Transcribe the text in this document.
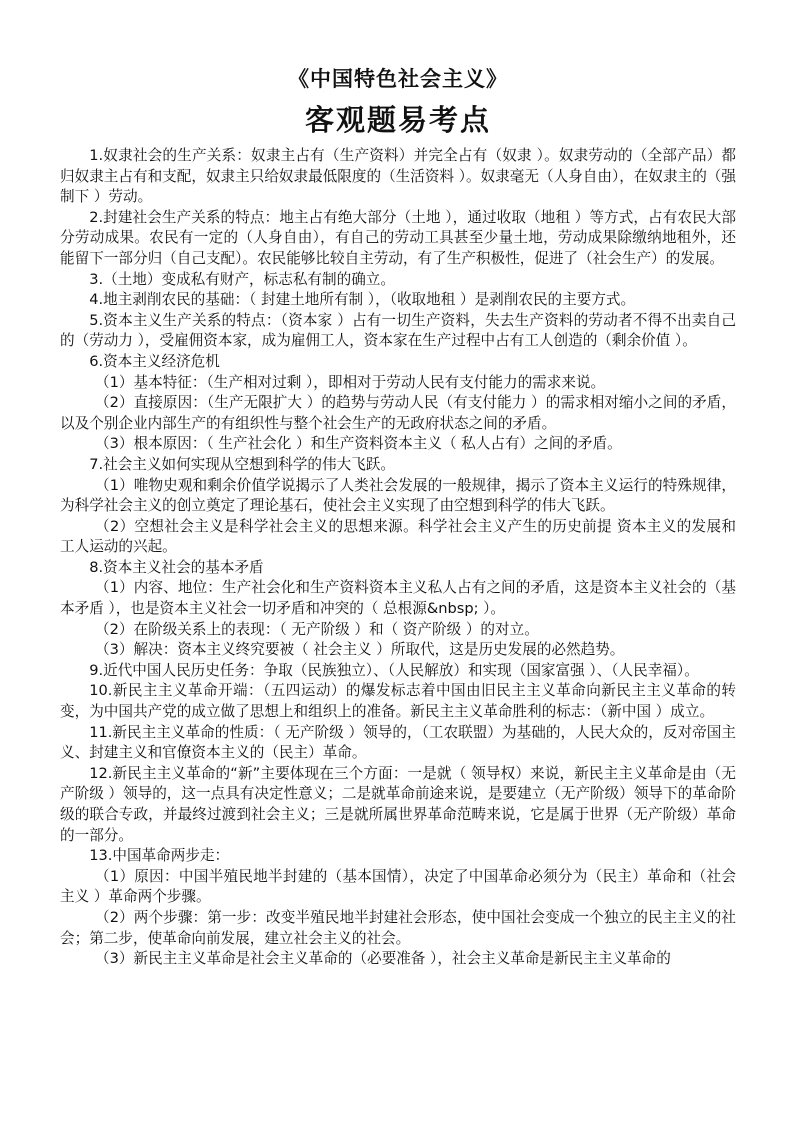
《中国特色社会主义》
客观题易考点

1.奴隶社会的生产关系：奴隶主占有（生产资料）并完全占有（奴隶 ）。奴隶劳动的（全部产品）都归奴隶主占有和支配，奴隶主只给奴隶最低限度的（生活资料 ）。奴隶毫无（人身自由），在奴隶主的（强制下 ）劳动。

2.封建社会生产关系的特点：地主占有绝大部分（土地 ），通过收取（地租 ）等方式，占有农民大部分劳动成果。农民有一定的（人身自由），有自己的劳动工具甚至少量土地，劳动成果除缴纳地租外，还能留下一部分归（自己支配）。农民能够比较自主劳动，有了生产积极性，促进了（社会生产）的发展。

3.（土地）变成私有财产，标志私有制的确立。

4.地主剥削农民的基础：（ 封建土地所有制 ），（收取地租 ）是剥削农民的主要方式。

5.资本主义生产关系的特点：（资本家 ）占有一切生产资料，失去生产资料的劳动者不得不出卖自己的（劳动力 ），受雇佣资本家，成为雇佣工人，资本家在生产过程中占有工人创造的（剩余价值 ）。

6.资本主义经济危机

（1）基本特征：（生产相对过剩 ），即相对于劳动人民有支付能力的需求来说。

（2）直接原因：（生产无限扩大 ）的趋势与劳动人民（有支付能力 ）的需求相对缩小之间的矛盾，以及个别企业内部生产的有组织性与整个社会生产的无政府状态之间的矛盾。

（3）根本原因：（ 生产社会化 ）和生产资料资本主义（ 私人占有）之间的矛盾。

7.社会主义如何实现从空想到科学的伟大飞跃。

（1）唯物史观和剩余价值学说揭示了人类社会发展的一般规律，揭示了资本主义运行的特殊规律，为科学社会主义的创立奠定了理论基石，使社会主义实现了由空想到科学的伟大飞跃。

（2）空想社会主义是科学社会主义的思想来源。科学社会主义产生的历史前提 资本主义的发展和工人运动的兴起。

8.资本主义社会的基本矛盾

（1）内容、地位：生产社会化和生产资料资本主义私人占有之间的矛盾，这是资本主义社会的（基本矛盾 ），也是资本主义社会一切矛盾和冲突的（ 总根源&nbsp; ）。

（2）在阶级关系上的表现：（ 无产阶级 ）和（ 资产阶级 ）的对立。

（3）解决：资本主义终究要被（ 社会主义 ）所取代，这是历史发展的必然趋势。

9.近代中国人民历史任务：争取（民族独立）、（人民解放）和实现（国家富强 ）、（人民幸福）。

10.新民主主义革命开端：（五四运动）的爆发标志着中国由旧民主主义革命向新民主主义革命的转变，为中国共产党的成立做了思想上和组织上的准备。新民主主义革命胜利的标志：（新中国 ）成立。

11.新民主主义革命的性质：（ 无产阶级 ）领导的，（工农联盟）为基础的，人民大众的，反对帝国主义、封建主义和官僚资本主义的（民主）革命。

12.新民主主义革命的“新”主要体现在三个方面：一是就（ 领导权）来说，新民主主义革命是由（无产阶级 ）领导的，这一点具有决定性意义；二是就革命前途来说，是要建立（无产阶级）领导下的革命阶级的联合专政，并最终过渡到社会主义；三是就所属世界革命范畴来说，它是属于世界（无产阶级）革命的一部分。

13.中国革命两步走：

（1）原因：中国半殖民地半封建的（基本国情），决定了中国革命必须分为（民主）革命和（社会主义 ）革命两个步骤。

（2）两个步骤：第一步：改变半殖民地半封建社会形态，使中国社会变成一个独立的民主主义的社会；第二步，使革命向前发展，建立社会主义的社会。

（3）新民主主义革命是社会主义革命的（必要准备 ），社会主义革命是新民主主义革命的
